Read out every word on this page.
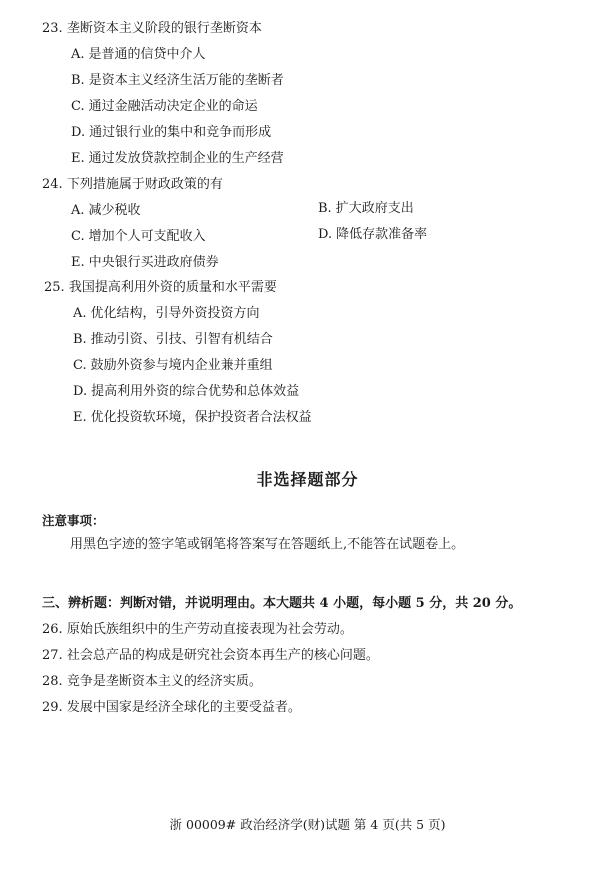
23. 垄断资本主义阶段的银行垄断资本
A. 是普通的信贷中介人
B. 是资本主义经济生活万能的垄断者
C. 通过金融活动决定企业的命运
D. 通过银行业的集中和竞争而形成
E. 通过发放贷款控制企业的生产经营
24. 下列措施属于财政政策的有
A. 减少税收	B. 扩大政府支出
C. 增加个人可支配收入	D. 降低存款准备率
E. 中央银行买进政府债券
25. 我国提高利用外资的质量和水平需要
A. 优化结构，引导外资投资方向
B. 推动引资、引技、引智有机结合
C. 鼓励外资参与境内企业兼并重组
D. 提高利用外资的综合优势和总体效益
E. 优化投资软环境，保护投资者合法权益
非选择题部分
注意事项：
用黑色字迹的签字笔或钢笔将答案写在答题纸上,不能答在试题卷上。
三、辨析题：判断对错，并说明理由。本大题共 4 小题，每小题 5 分，共 20 分。
26. 原始氏族组织中的生产劳动直接表现为社会劳动。
27. 社会总产品的构成是研究社会资本再生产的核心问题。
28. 竞争是垄断资本主义的经济实质。
29. 发展中国家是经济全球化的主要受益者。
浙 00009# 政治经济学(财)试题 第 4 页(共 5 页)
